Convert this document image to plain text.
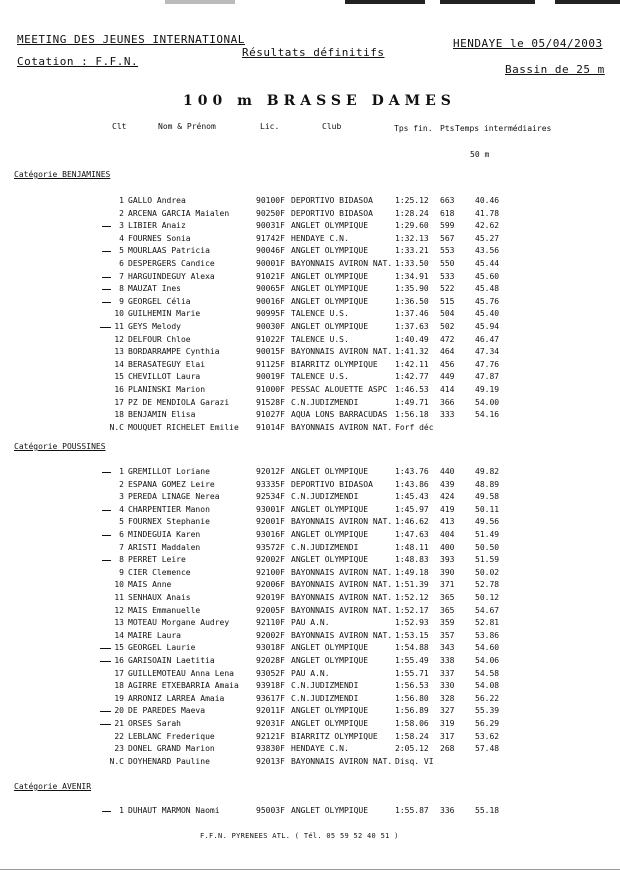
MEETING DES JEUNES INTERNATIONAL	HENDAYE le 05/04/2003
Résultats définitifs
Cotation : F.F.N.
Bassin de 25 m
100 m BRASSE DAMES
Clt	Nom & Prénom	Lic.	Club	Tps fin. Pts Temps intermédiaires
50 m
Catégorie BENJAMINES
1 GALLO Andrea	90100F DEPORTIVO BIDASOA	1:25.12 663	40.46
2 ARCENA GARCIA Maialen	90250F DEPORTIVO BIDASOA	1:28.24 618	41.78
3 LIBIER Anaiz	90031F ANGLET OLYMPIQUE	1:29.60 599	42.62
4 FOURNES Sonia	91742F HENDAYE C.N.	1:32.13 567	45.27
5 MOURLAAS Patricia	90046F ANGLET OLYMPIQUE	1:33.21 553	43.56
6 DESPERGERS Candice	90001F BAYONNAIS AVIRON NAT. 1:33.50 550	45.44
7 HARGUINDEGUY Alexa	91021F ANGLET OLYMPIQUE	1:34.91 533	45.60
8 MAUZAT Ines	90065F ANGLET OLYMPIQUE	1:35.90 522	45.48
9 GEORGEL Célia	90016F ANGLET OLYMPIQUE	1:36.50 515	45.76
10 GUILHEMIN Marie	90995F TALENCE U.S.	1:37.46 504	45.40
11 GEYS Melody	90030F ANGLET OLYMPIQUE	1:37.63 502	45.94
12 DELFOUR Chloe	91022F TALENCE U.S.	1:40.49 472	46.47
13 BORDARRAMPE Cynthia	90015F BAYONNAIS AVIRON NAT. 1:41.32 464	47.34
14 BERASATEGUY Elai	91125F BIARRITZ OLYMPIQUE 1:42.11 456	47.76
15 CHEVILLOT Laura	90019F TALENCE U.S.	1:42.77 449	47.87
16 PLANINSKI Marion	91000F PESSAC ALOUETTE ASPC 1:46.53 414	49.19
17 PZ DE MENDIOLA Garazi	91528F C.N.JUDIZMENDI	1:49.71 366	54.00
18 BENJAMIN Elisa	91027F AQUA LONS BARRACUDAS 1:56.18 333	54.16
N.C MOUQUET RICHELET Emilie 91014F BAYONNAIS AVIRON NAT. Forf déc
Catégorie POUSSINES
1 GREMILLOT Loriane	92012F ANGLET OLYMPIQUE	1:43.76 440	49.82
2 ESPANA GOMEZ Leire	93335F DEPORTIVO BIDASOA	1:43.86 439	48.89
3 PEREDA LINAGE Nerea	92534F C.N.JUDIZMENDI	1:45.43 424	49.58
4 CHARPENTIER Manon	93001F ANGLET OLYMPIQUE	1:45.97 419	50.11
5 FOURNEX Stephanie	92001F BAYONNAIS AVIRON NAT. 1:46.62 413	49.56
6 MINDEGUIA Karen	93016F ANGLET OLYMPIQUE	1:47.63 404	51.49
7 ARISTI Maddalen	93572F C.N.JUDIZMENDI	1:48.11 400	50.50
8 PERRET Leire	92002F ANGLET OLYMPIQUE	1:48.83 393	51.59
9 CIER Clemence	92100F BAYONNAIS AVIRON NAT. 1:49.18 390	50.02
10 MAIS Anne	92006F BAYONNAIS AVIRON NAT. 1:51.39 371	52.78
11 SENHAUX Anais	92019F BAYONNAIS AVIRON NAT. 1:52.12 365	50.12
12 MAIS Emmanuelle	92005F BAYONNAIS AVIRON NAT. 1:52.17 365	54.67
13 MOTEAU Morgane Audrey	92110F PAU A.N.	1:52.93 359	52.81
14 MAIRE Laura	92002F BAYONNAIS AVIRON NAT. 1:53.15 357	53.86
15 GEORGEL Laurie	93018F ANGLET OLYMPIQUE	1:54.88 343	54.60
16 GARISOAIN Laetitia	92028F ANGLET OLYMPIQUE	1:55.49 338	54.06
17 GUILLEMOTEAU Anna Lena	93052F PAU A.N.	1:55.71 337	54.58
18 AGIRRE ETXEBARRIA Amaia 93918F C.N.JUDIZMENDI	1:56.53 330	54.08
19 ARRONIZ LARREA Amaia	93617F C.N.JUDIZMENDI	1:56.80 328	56.22
20 DE PAREDES Maeva	92011F ANGLET OLYMPIQUE	1:56.89 327	55.39
21 ORSES Sarah	92031F ANGLET OLYMPIQUE	1:58.06 319	56.29
22 LEBLANC Frederique	92121F BIARRITZ OLYMPIQUE 1:58.24 317	53.62
23 DONEL GRAND Marion	93830F HENDAYE C.N.	2:05.12 268	57.48
N.C DOYHENARD Pauline	92013F BAYONNAIS AVIRON NAT. Disq. VI
Catégorie AVENIR
1 DUHAUT MARMON Naomi	95003F ANGLET OLYMPIQUE	1:55.87 336	55.18
F.F.N. PYRENEES ATL. ( Tél. 05 59 52 40 51 )
